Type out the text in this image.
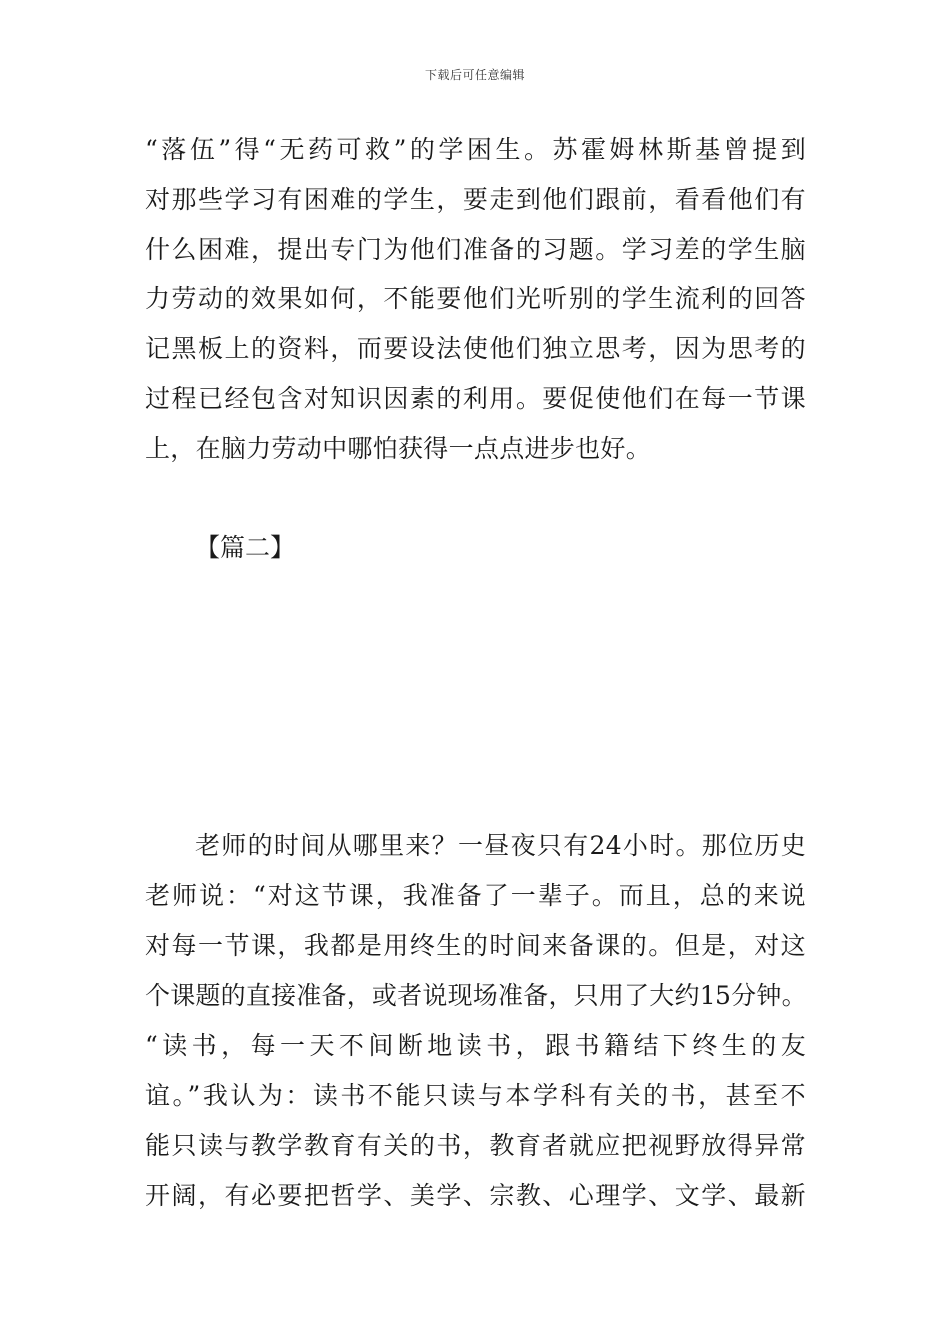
下载后可任意编辑
“落伍”得“无药可救”的学困生。苏霍姆林斯基曾提到
对那些学习有困难的学生，要走到他们跟前，看看他们有
什么困难，提出专门为他们准备的习题。学习差的学生脑
力劳动的效果如何，不能要他们光听别的学生流利的回答
记黑板上的资料，而要设法使他们独立思考，因为思考的
过程已经包含对知识因素的利用。要促使他们在每一节课
上，在脑力劳动中哪怕获得一点点进步也好。
【篇二】
老师的时间从哪里来？一昼夜只有24小时。那位历史
老师说：“对这节课，我准备了一辈子。而且，总的来说
对每一节课，我都是用终生的时间来备课的。但是，对这
个课题的直接准备，或者说现场准备，只用了大约15分钟。
“读书，每一天不间断地读书，跟书籍结下终生的友
谊。”我认为：读书不能只读与本学科有关的书，甚至不
能只读与教学教育有关的书，教育者就应把视野放得异常
开阔，有必要把哲学、美学、宗教、心理学、文学、最新
